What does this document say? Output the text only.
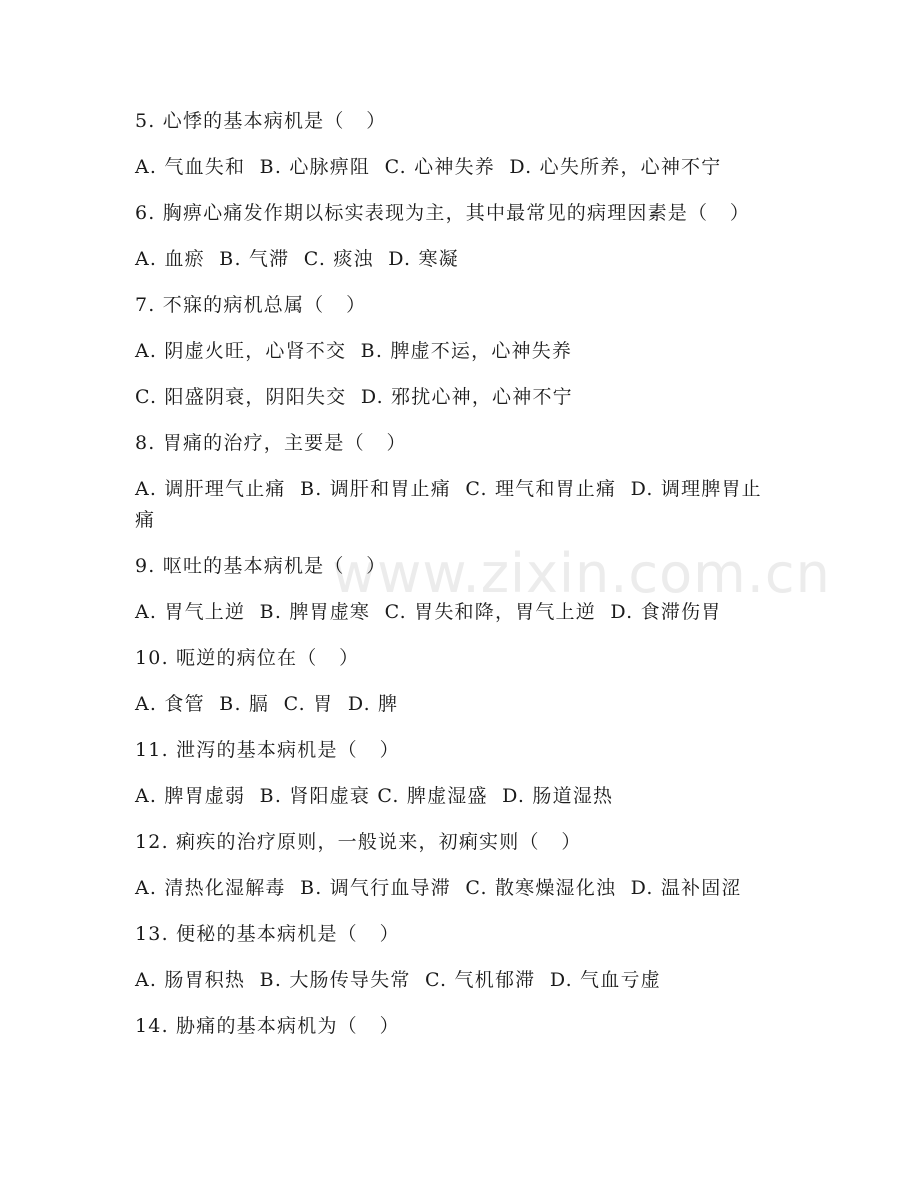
www.zixin.com.cn
5. 心悸的基本病机是（   ）
A. 气血失和  B. 心脉痹阻  C. 心神失养  D. 心失所养，心神不宁
6. 胸痹心痛发作期以标实表现为主，其中最常见的病理因素是（   ）
A. 血瘀  B. 气滞  C. 痰浊  D. 寒凝
7. 不寐的病机总属（   ）
A. 阴虚火旺，心肾不交  B. 脾虚不运，心神失养
C. 阳盛阴衰，阴阳失交  D. 邪扰心神，心神不宁
8. 胃痛的治疗，主要是（   ）
A. 调肝理气止痛  B. 调肝和胃止痛  C. 理气和胃止痛  D. 调理脾胃止痛
9. 呕吐的基本病机是（   ）
A. 胃气上逆  B. 脾胃虚寒  C. 胃失和降，胃气上逆  D. 食滞伤胃
10. 呃逆的病位在（   ）
A. 食管  B. 膈  C. 胃  D. 脾
11. 泄泻的基本病机是（   ）
A. 脾胃虚弱  B. 肾阳虚衰 C. 脾虚湿盛  D. 肠道湿热
12. 痢疾的治疗原则，一般说来，初痢实则（   ）
A. 清热化湿解毒  B. 调气行血导滞  C. 散寒燥湿化浊  D. 温补固涩
13. 便秘的基本病机是（   ）
A. 肠胃积热  B. 大肠传导失常  C. 气机郁滞  D. 气血亏虚
14. 胁痛的基本病机为（   ）
